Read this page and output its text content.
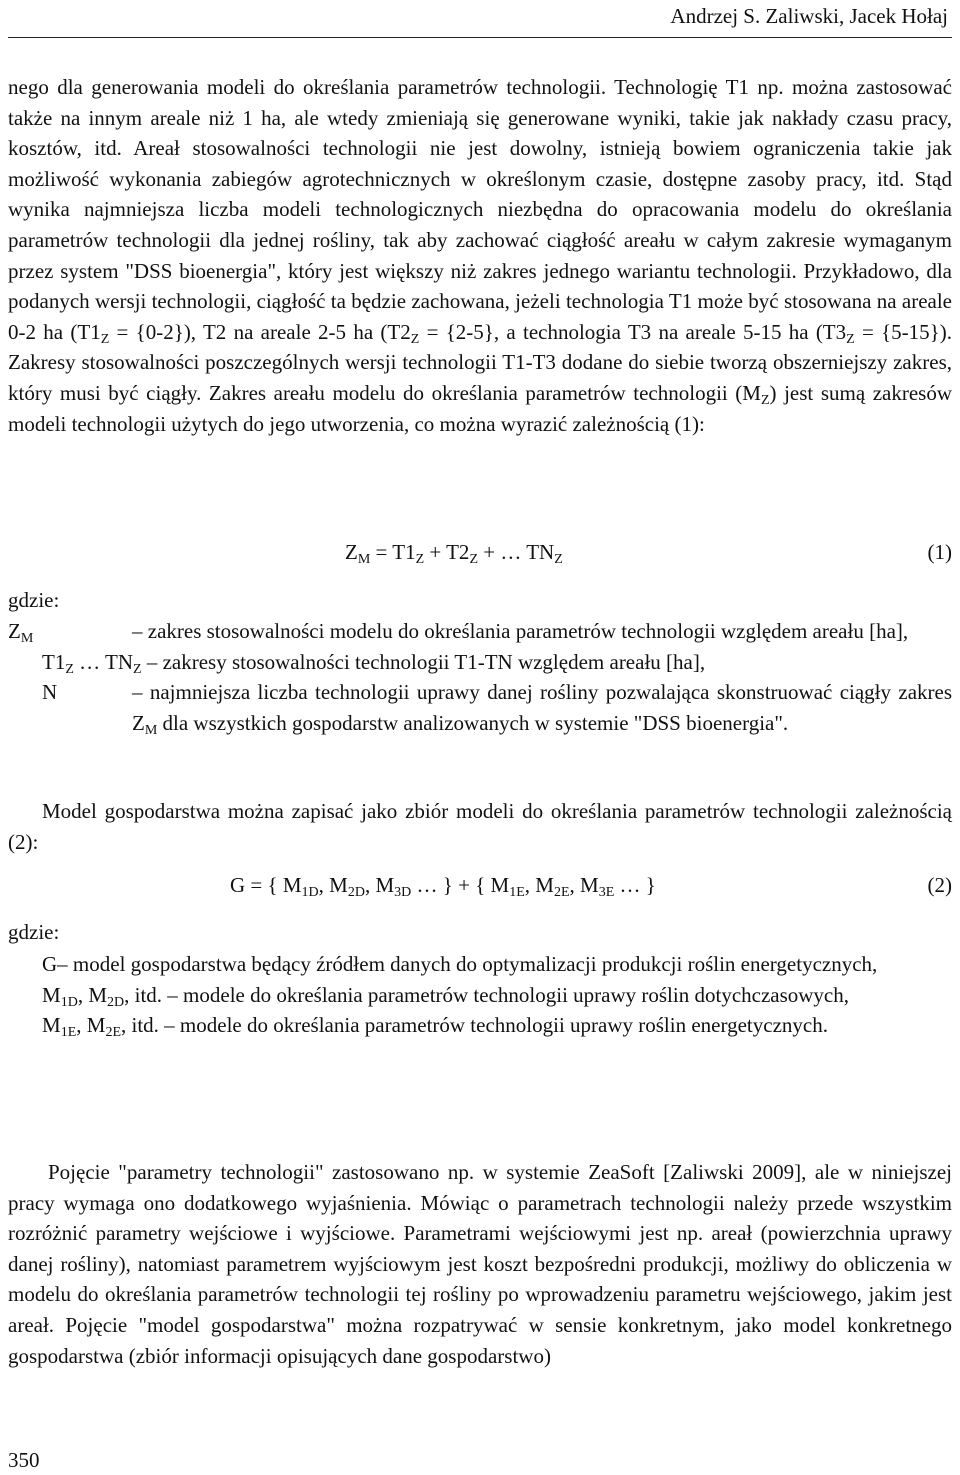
Andrzej S. Zaliwski, Jacek Hołaj

nego dla generowania modeli do określania parametrów technologii. Technologię T1 np. można zastosować także na innym areale niż 1 ha, ale wtedy zmieniają się generowane wyniki, takie jak nakłady czasu pracy, kosztów, itd. Areał stosowalności technologii nie jest dowolny, istnieją bowiem ograniczenia takie jak możliwość wykonania zabiegów agrotechnicznych w określonym czasie, dostępne zasoby pracy, itd. Stąd wynika najmniejsza liczba modeli technologicznych niezbędna do opracowania modelu do określania parametrów technologii dla jednej rośliny, tak aby zachować ciągłość areału w całym zakresie wymaganym przez system "DSS bioenergia", który jest większy niż zakres jednego wariantu technologii. Przykładowo, dla podanych wersji technologii, ciągłość ta będzie zachowana, jeżeli technologia T1 może być stosowana na areale 0-2 ha $(T1_Z = \{0-2\})$, T2 na areale 2-5 ha ($T2_Z = \{2-5\}$, a technologia T3 na areale 5-15 ha $(T3_Z = \{5-15\})$. Zakresy stosowalności poszczególnych wersji technologii T1-T3 dodane do siebie tworzą obszerniejszy zakres, który musi być ciągły. Zakres areału modelu do określania parametrów technologii $(M_Z)$ jest sumą zakresów modeli technologii użytych do jego utworzenia, co można wyrazić zależnością (1):

$Z_M = T1_Z + T2_Z$ + … $TN_Z$	(1)
gdzie:
$Z_M$	– zakres stosowalności modelu do określania parametrów technologii względem areału [ha],
$T1_Z$ … $TN_Z$ – zakresy stosowalności technologii T1-TN względem areału [ha],
N	– najmniejsza liczba technologii uprawy danej rośliny pozwalająca skonstruować ciągły zakres $Z_M$ dla wszystkich gospodarstw analizowanych w systemie "DSS bioenergia".

Model gospodarstwa można zapisać jako zbiór modeli do określania parametrów technologii zależnością (2):

G = { $M_{1D}$, $M_{2D}$, $M_{3D}$ … } + { $M_{1E}$, $M_{2E}$, $M_{3E}$ … }	(2)
gdzie:
G– model gospodarstwa będący źródłem danych do optymalizacji produkcji roślin energetycznych,
$M_{1D}$, $M_{2D}$, itd. – modele do określania parametrów technologii uprawy roślin dotychczasowych,
$M_{1E}$, $M_{2E}$, itd. – modele do określania parametrów technologii uprawy roślin energetycznych.

Pojęcie "parametry technologii" zastosowano np. w systemie ZeaSoft [Zaliwski 2009], ale w niniejszej pracy wymaga ono dodatkowego wyjaśnienia. Mówiąc o parametrach technologii należy przede wszystkim rozróżnić parametry wejściowe i wyjściowe. Parametrami wejściowymi jest np. areał (powierzchnia uprawy danej rośliny), natomiast parametrem wyjściowym jest koszt bezpośredni produkcji, możliwy do obliczenia w modelu do określania parametrów technologii tej rośliny po wprowadzeniu parametru wejściowego, jakim jest areał. Pojęcie "model gospodarstwa" można rozpatrywać w sensie konkretnym, jako model konkretnego gospodarstwa (zbiór informacji opisujących dane gospodarstwo)

350
